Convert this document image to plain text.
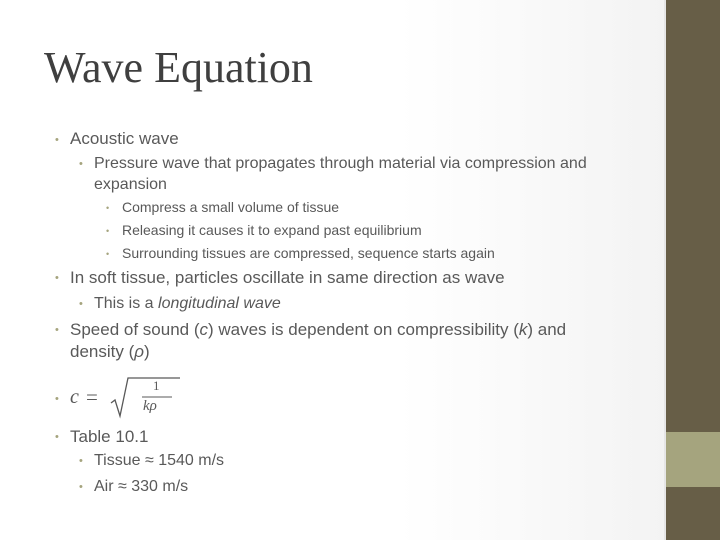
Wave Equation
• Acoustic wave
• Pressure wave that propagates through material via compression and
expansion
• Compress a small volume of tissue
• Releasing it causes it to expand past equilibrium
• Surrounding tissues are compressed, sequence starts again
• In soft tissue, particles oscillate in same direction as wave
• This is a longitudinal wave
• Speed of sound (c) waves is dependent on compressibility (k) and
density (ρ)
• c =	1
kρ
• Table 10.1
• Tissue ≈ 1540 m/s
• Air ≈ 330 m/s
